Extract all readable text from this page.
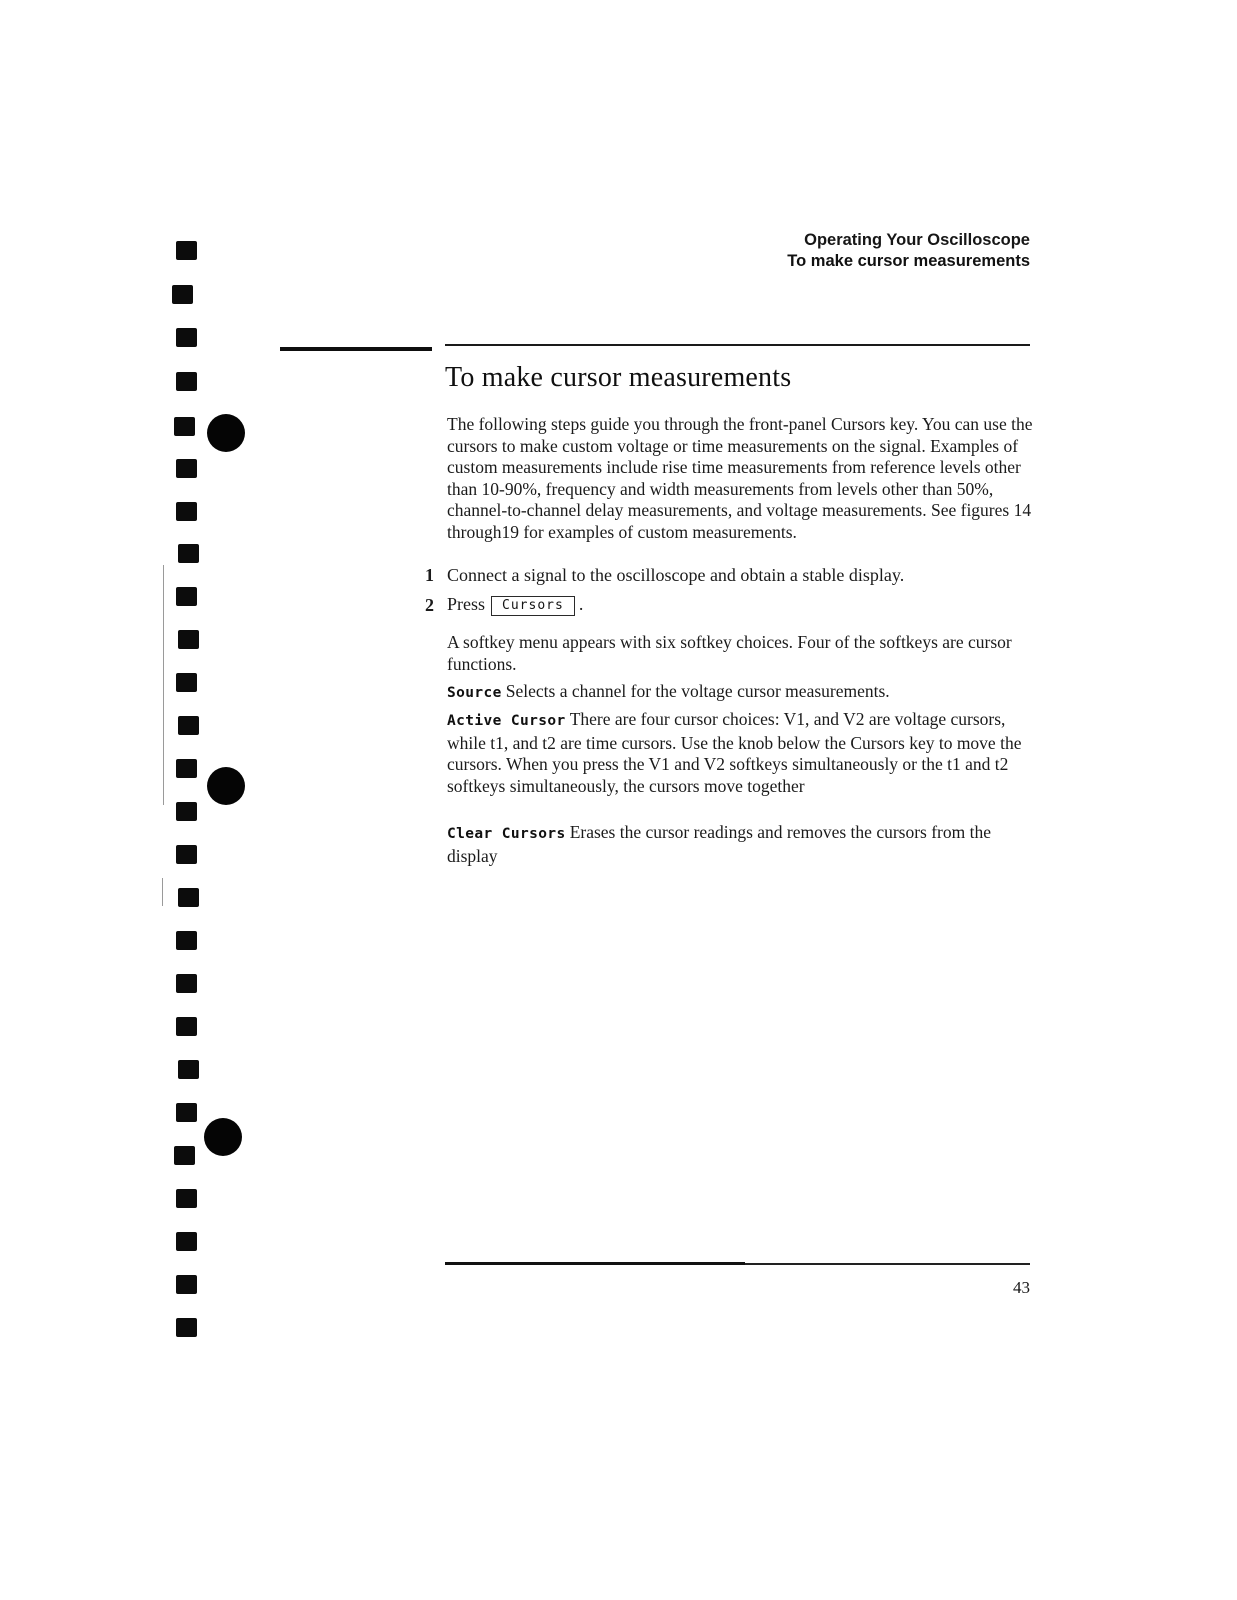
Operating Your Oscilloscope
To make cursor measurements
To make cursor measurements
The following steps guide you through the front-panel Cursors key. You can use the cursors to make custom voltage or time measurements on the signal. Examples of custom measurements include rise time measurements from reference levels other than 10-90%, frequency and width measurements from levels other than 50%, channel-to-channel delay measurements, and voltage measurements. See figures 14 through19 for examples of custom measurements.
1 Connect a signal to the oscilloscope and obtain a stable display.
2 Press Cursors .
A softkey menu appears with six softkey choices. Four of the softkeys are cursor functions.
Source Selects a channel for the voltage cursor measurements.
Active Cursor There are four cursor choices: V1, and V2 are voltage cursors, while t1, and t2 are time cursors. Use the knob below the Cursors key to move the cursors. When you press the V1 and V2 softkeys simultaneously or the t1 and t2 softkeys simultaneously, the cursors move together
Clear Cursors Erases the cursor readings and removes the cursors from the display
43
